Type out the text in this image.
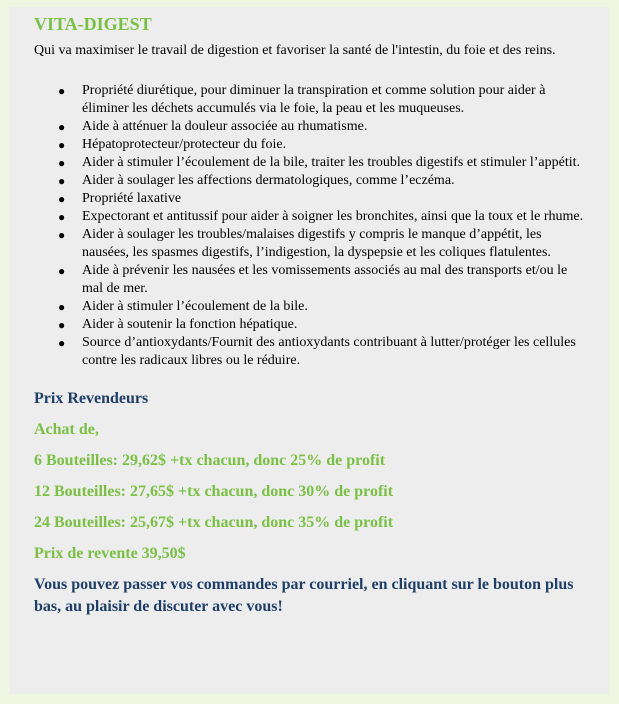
VITA-DIGEST

Qui va maximiser le travail de digestion et favoriser la santé de l'intestin, du foie et des reins.

● Propriété diurétique, pour diminuer la transpiration et comme solution pour aider à éliminer les déchets accumulés via le foie, la peau et les muqueuses.
● Aide à atténuer la douleur associée au rhumatisme.
● Hépatoprotecteur/protecteur du foie.
● Aider à stimuler l’écoulement de la bile, traiter les troubles digestifs et stimuler l’appétit.
● Aider à soulager les affections dermatologiques, comme l’eczéma.
● Propriété laxative
● Expectorant et antitussif pour aider à soigner les bronchites, ainsi que la toux et le rhume.
● Aider à soulager les troubles/malaises digestifs y compris le manque d’appétit, les nausées, les spasmes digestifs, l’indigestion, la dyspepsie et les coliques flatulentes.
● Aide à prévenir les nausées et les vomissements associés au mal des transports et/ou le mal de mer.
● Aider à stimuler l’écoulement de la bile.
● Aider à soutenir la fonction hépatique.
● Source d’antioxydants/Fournit des antioxydants contribuant à lutter/protéger les cellules contre les radicaux libres ou le réduire.
Prix Revendeurs
Achat de,
6 Bouteilles: 29,62$ +tx chacun, donc 25% de profit
12 Bouteilles: 27,65$ +tx chacun, donc 30% de profit
24 Bouteilles: 25,67$ +tx chacun, donc 35% de profit
Prix de revente 39,50$
Vous pouvez passer vos commandes par courriel, en cliquant sur le bouton plus bas, au plaisir de discuter avec vous!
